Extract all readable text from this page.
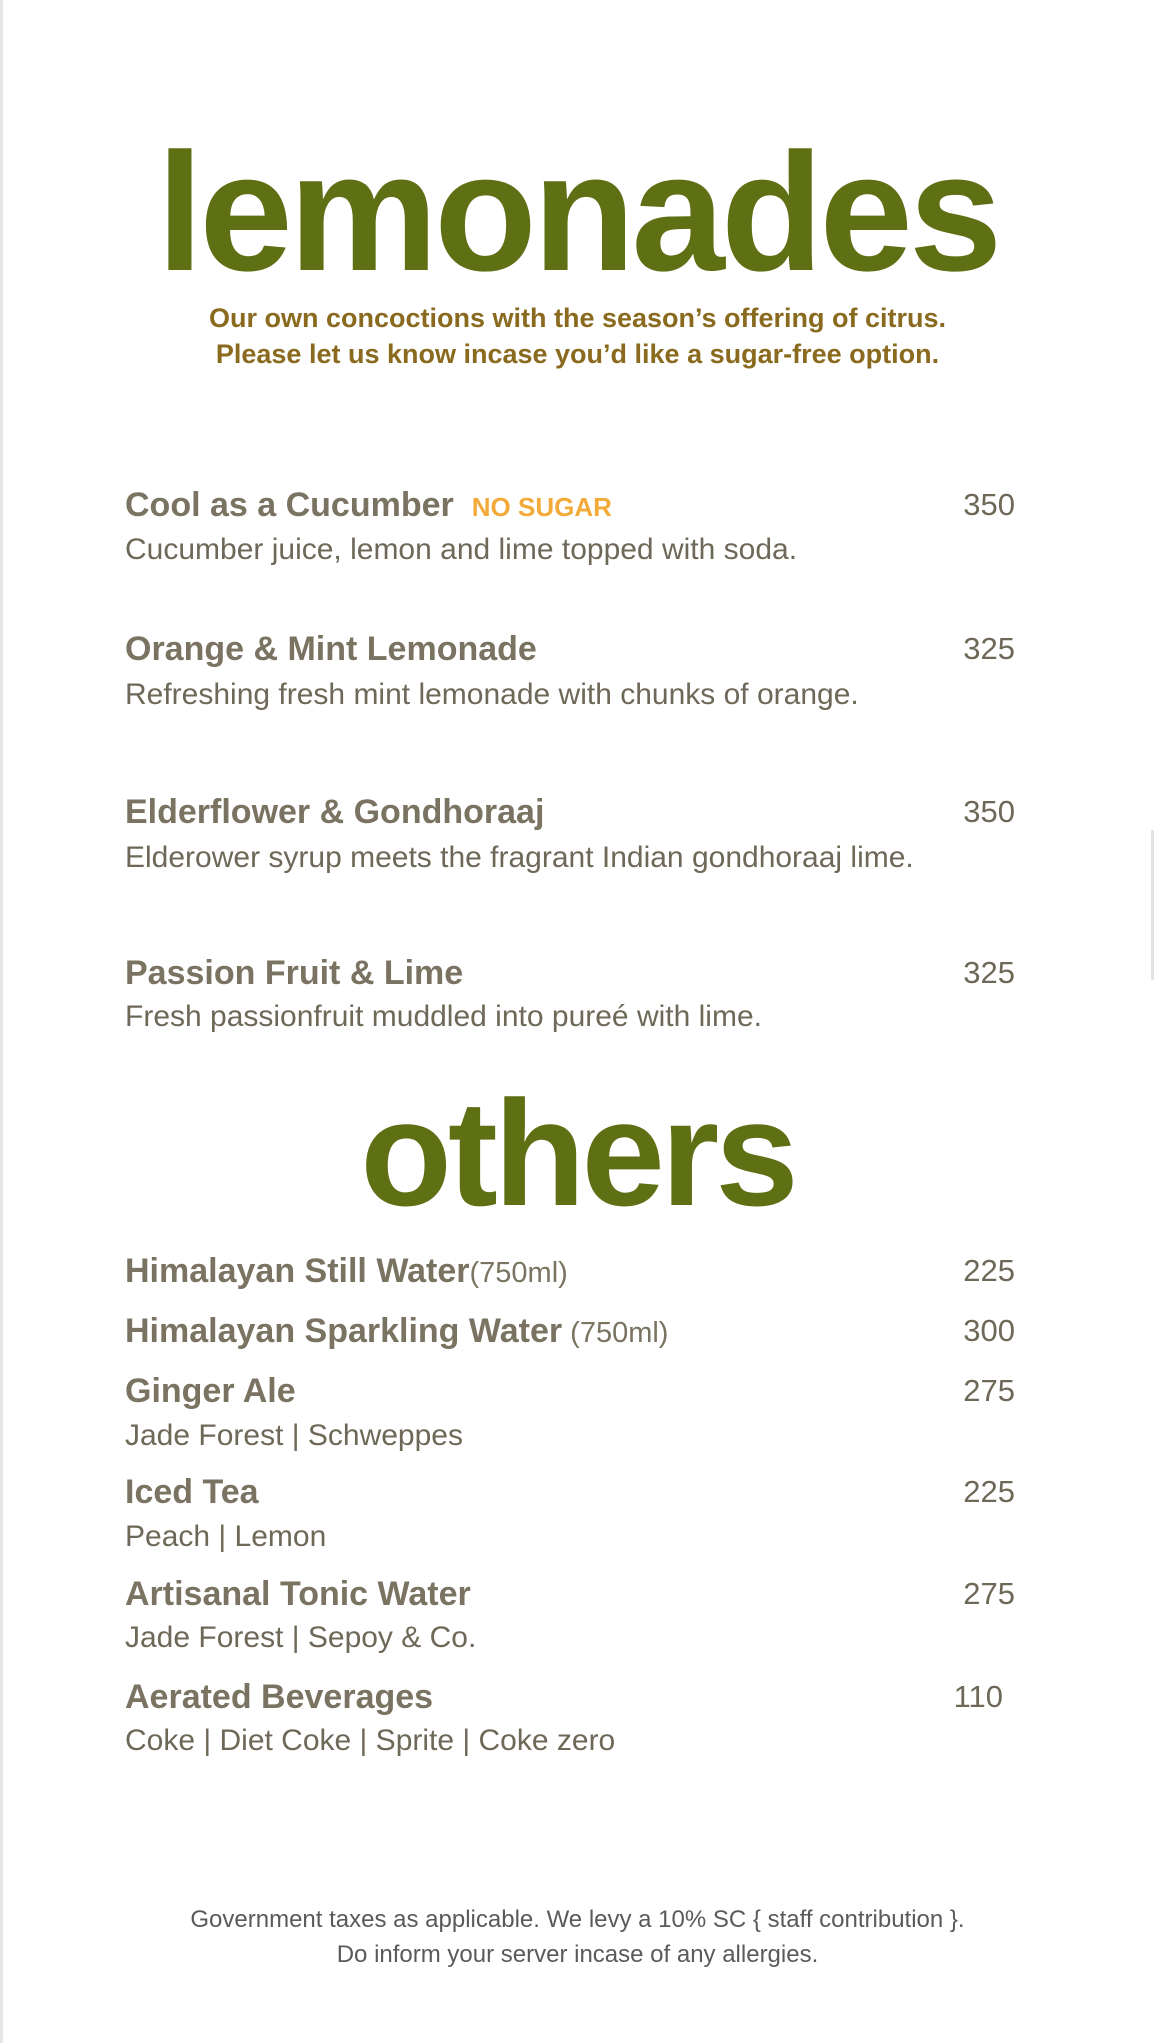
lemonades
Our own concoctions with the season’s offering of citrus.
Please let us know incase you’d like a sugar-free option.
Cool as a Cucumber NO SUGAR	350
Cucumber juice, lemon and lime topped with soda.
Orange & Mint Lemonade	325
Refreshing fresh mint lemonade with chunks of orange.
Elderflower & Gondhoraaj	350
Elderower syrup meets the fragrant Indian gondhoraaj lime.
Passion Fruit & Lime	325
Fresh passionfruit muddled into pureé with lime.
others
Himalayan Still Water(750ml)	225
Himalayan Sparkling Water (750ml)	300
Ginger Ale	275
Jade Forest | Schweppes
Iced Tea	225
Peach | Lemon
Artisanal Tonic Water	275
Jade Forest | Sepoy & Co.
Aerated Beverages	110
Coke | Diet Coke | Sprite | Coke zero
Government taxes as applicable. We levy a 10% SC { staff contribution }.
Do inform your server incase of any allergies.
